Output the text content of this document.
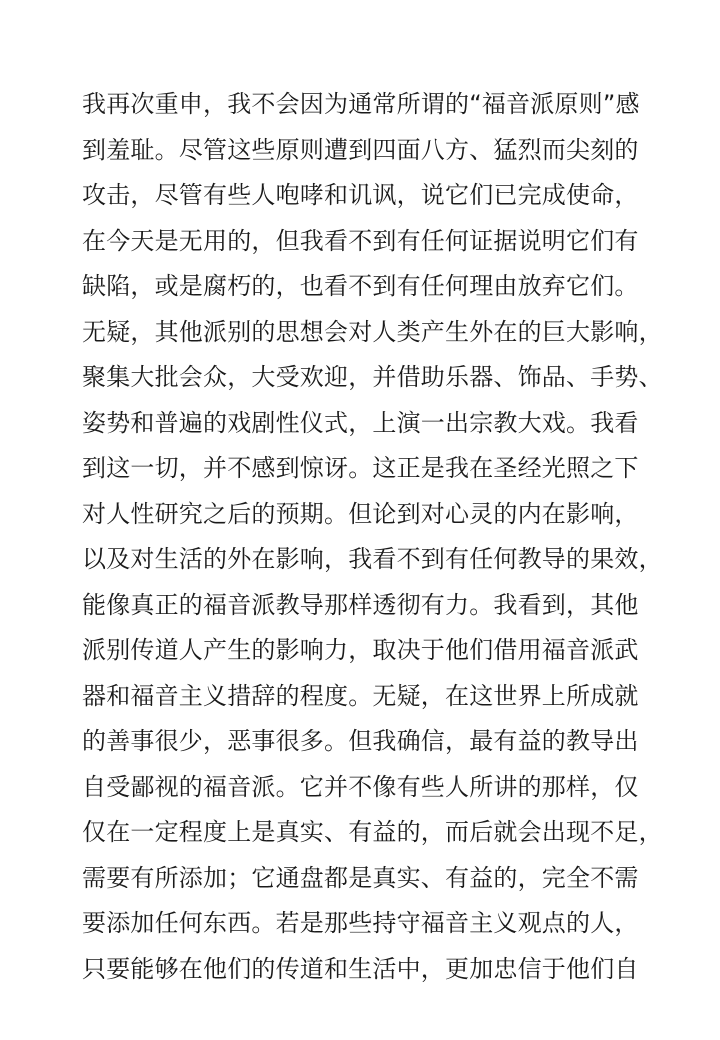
我再次重申，我不会因为通常所谓的“福音派原则”感
到羞耻。尽管这些原则遭到四面八方、猛烈而尖刻的
攻击，尽管有些人咆哮和讥讽，说它们已完成使命，
在今天是无用的，但我看不到有任何证据说明它们有
缺陷，或是腐朽的，也看不到有任何理由放弃它们。
无疑，其他派别的思想会对人类产生外在的巨大影响，
聚集大批会众，大受欢迎，并借助乐器、饰品、手势、
姿势和普遍的戏剧性仪式，上演一出宗教大戏。我看
到这一切，并不感到惊讶。这正是我在圣经光照之下
对人性研究之后的预期。但论到对心灵的内在影响，
以及对生活的外在影响，我看不到有任何教导的果效，
能像真正的福音派教导那样透彻有力。我看到，其他
派别传道人产生的影响力，取决于他们借用福音派武
器和福音主义措辞的程度。无疑，在这世界上所成就
的善事很少，恶事很多。但我确信，最有益的教导出
自受鄙视的福音派。它并不像有些人所讲的那样，仅
仅在一定程度上是真实、有益的，而后就会出现不足，
需要有所添加；它通盘都是真实、有益的，完全不需
要添加任何东西。若是那些持守福音主义观点的人，
只要能够在他们的传道和生活中，更加忠信于他们自
